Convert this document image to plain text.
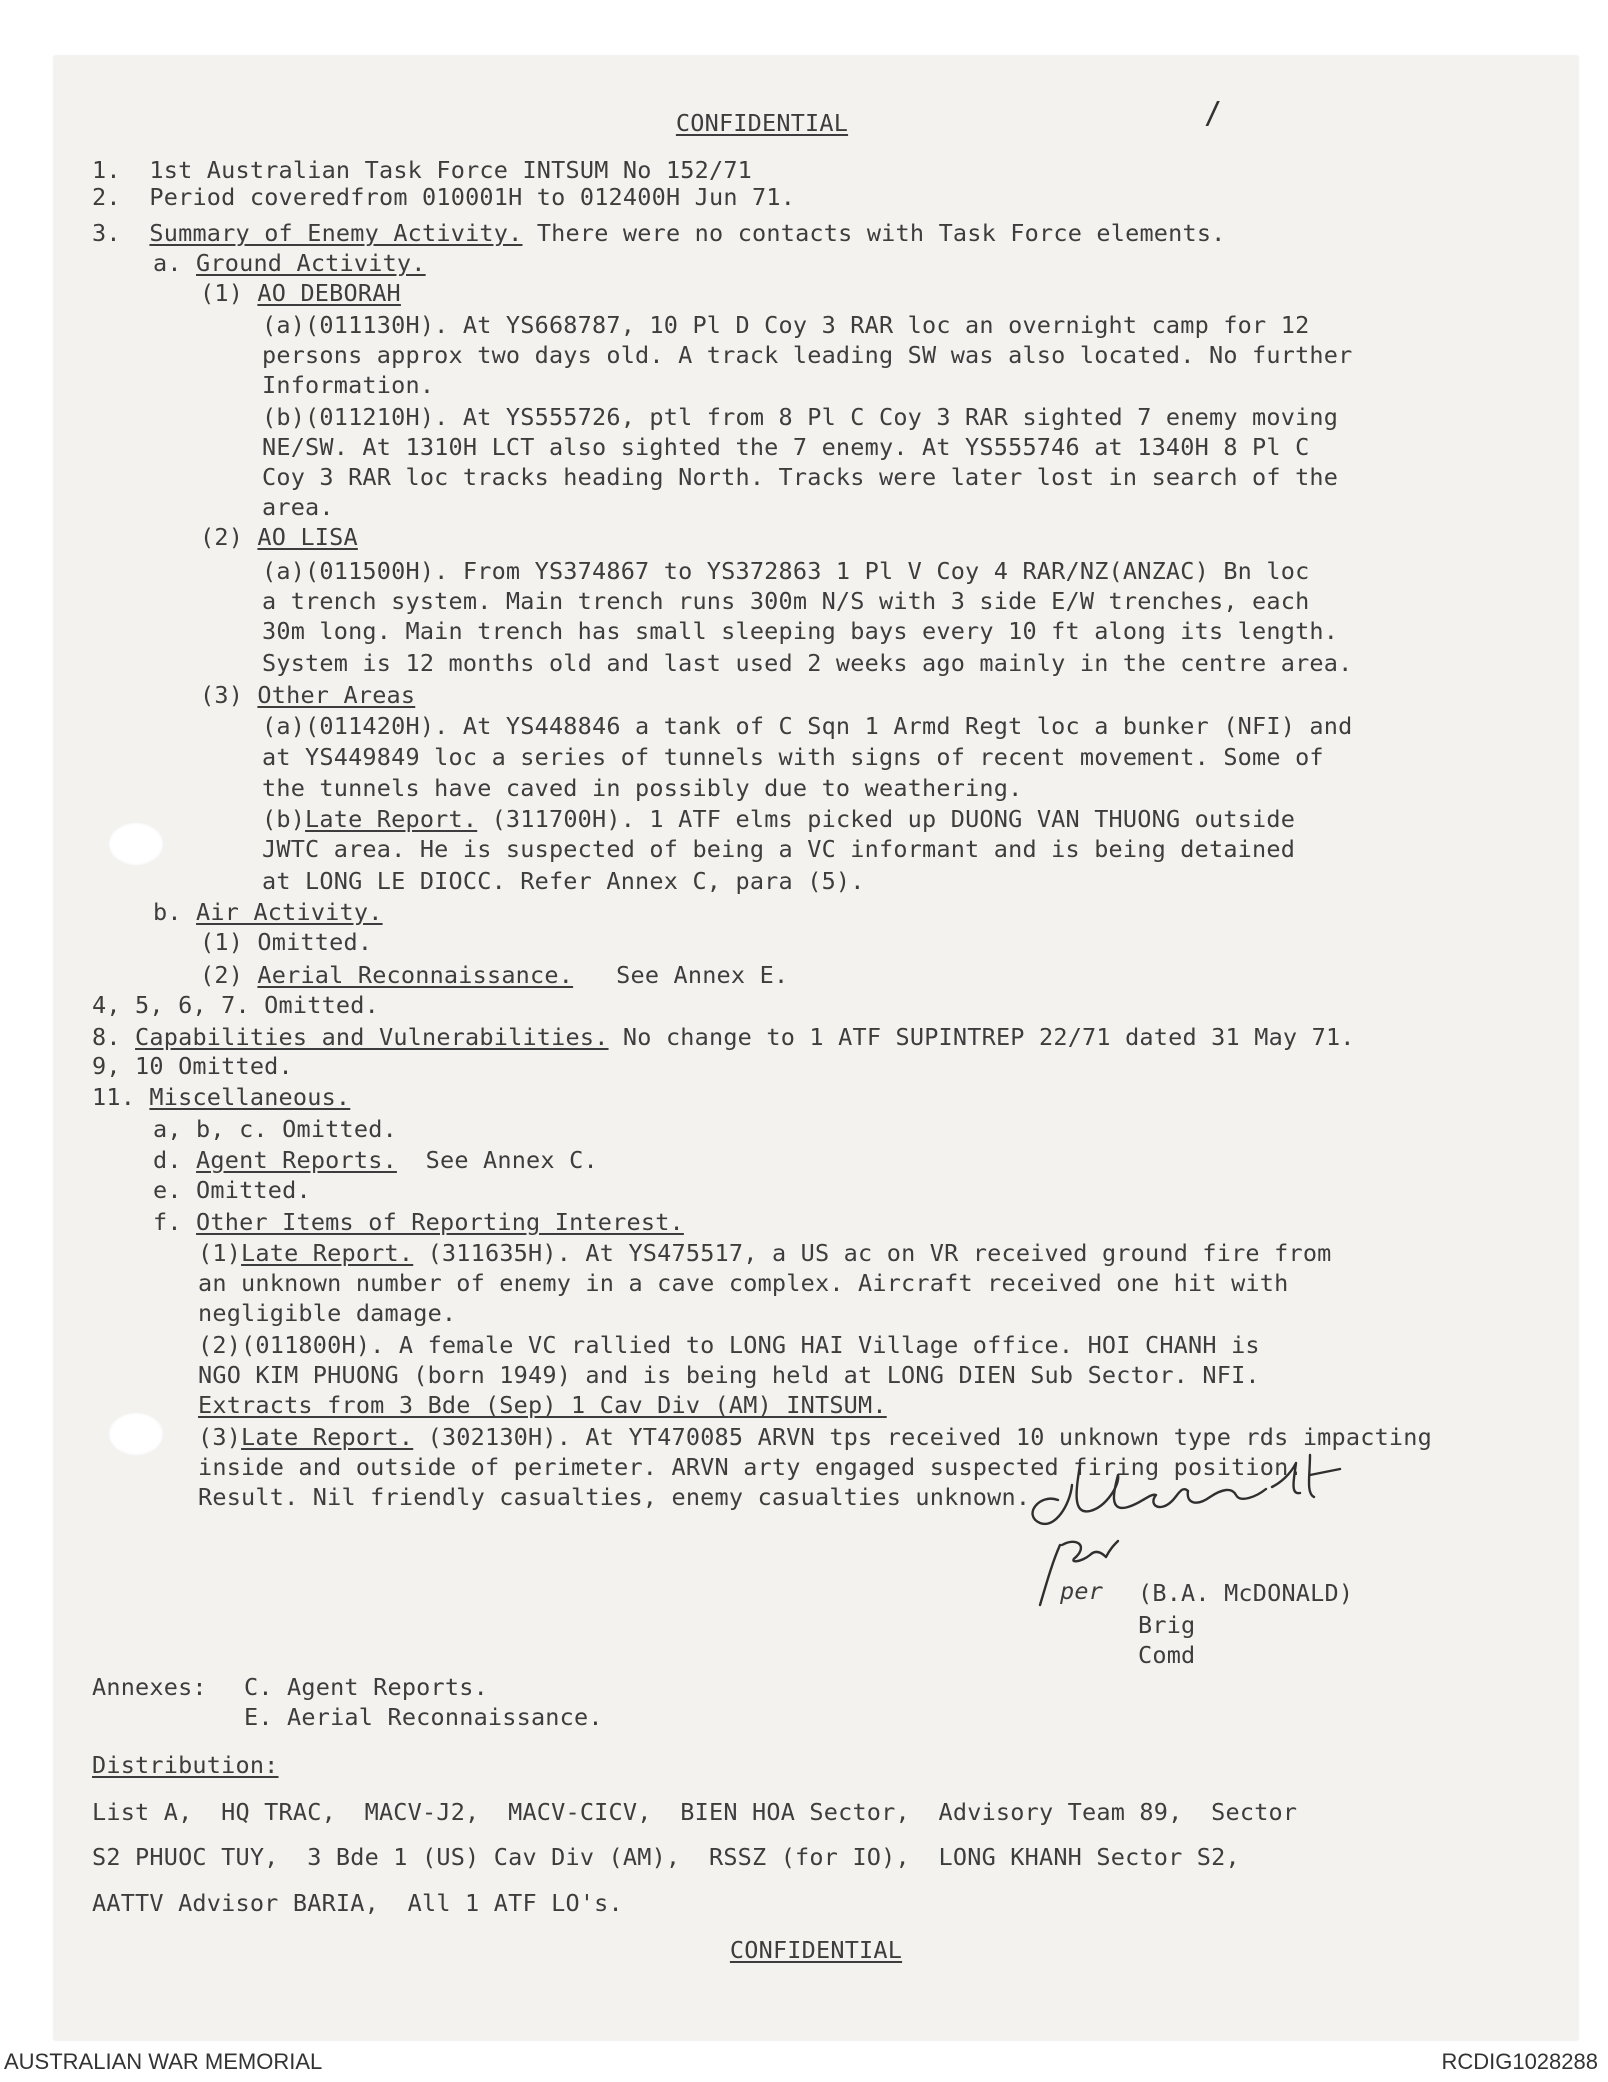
/
CONFIDENTIAL
1. 1st Australian Task Force INTSUM No 152/71
2. Period coveredfrom 010001H to 012400H Jun 71.
3. Summary of Enemy Activity. There were no contacts with Task Force elements.
a. Ground Activity.
(1) AO DEBORAH
(a)(011130H). At YS668787, 10 Pl D Coy 3 RAR loc an overnight camp for 12
persons approx two days old. A track leading SW was also located. No further
Information.
(b)(011210H). At YS555726, ptl from 8 Pl C Coy 3 RAR sighted 7 enemy moving
NE/SW. At 1310H LCT also sighted the 7 enemy. At YS555746 at 1340H 8 Pl C
Coy 3 RAR loc tracks heading North. Tracks were later lost in search of the
area.
(2) AO LISA
(a)(011500H). From YS374867 to YS372863 1 Pl V Coy 4 RAR/NZ(ANZAC) Bn loc
a trench system. Main trench runs 300m N/S with 3 side E/W trenches, each
30m long. Main trench has small sleeping bays every 10 ft along its length.
System is 12 months old and last used 2 weeks ago mainly in the centre area.
(3) Other Areas
(a)(011420H). At YS448846 a tank of C Sqn 1 Armd Regt loc a bunker (NFI) and
at YS449849 loc a series of tunnels with signs of recent movement. Some of
the tunnels have caved in possibly due to weathering.
(b)Late Report. (311700H). 1 ATF elms picked up DUONG VAN THUONG outside
JWTC area. He is suspected of being a VC informant and is being detained
at LONG LE DIOCC. Refer Annex C, para (5).
b. Air Activity.
(1) Omitted.
(2) Aerial Reconnaissance.   See Annex E.
4, 5, 6, 7. Omitted.
8. Capabilities and Vulnerabilities. No change to 1 ATF SUPINTREP 22/71 dated 31 May 71.
9, 10 Omitted.
11. Miscellaneous.
a, b, c. Omitted.
d. Agent Reports.  See Annex C.
e. Omitted.
f. Other Items of Reporting Interest.
(1)Late Report. (311635H). At YS475517, a US ac on VR received ground fire from
an unknown number of enemy in a cave complex. Aircraft received one hit with
negligible damage.
(2)(011800H). A female VC rallied to LONG HAI Village office. HOI CHANH is
NGO KIM PHUONG (born 1949) and is being held at LONG DIEN Sub Sector. NFI.
Extracts from 3 Bde (Sep) 1 Cav Div (AM) INTSUM.
(3)Late Report. (302130H). At YT470085 ARVN tps received 10 unknown type rds impacting
inside and outside of perimeter. ARVN arty engaged suspected firing position.
Result. Nil friendly casualties, enemy casualties unknown.
per (B.A. McDONALD)
Brig
Comd
Annexes: C. Agent Reports.
E. Aerial Reconnaissance.
Distribution:
List A,  HQ TRAC,  MACV-J2,  MACV-CICV,  BIEN HOA Sector,  Advisory Team 89,  Sector
S2 PHUOC TUY,  3 Bde 1 (US) Cav Div (AM),  RSSZ (for IO),  LONG KHANH Sector S2,
AATTV Advisor BARIA,  All 1 ATF LO's.
CONFIDENTIAL
AUSTRALIAN WAR MEMORIAL	RCDIG1028288
